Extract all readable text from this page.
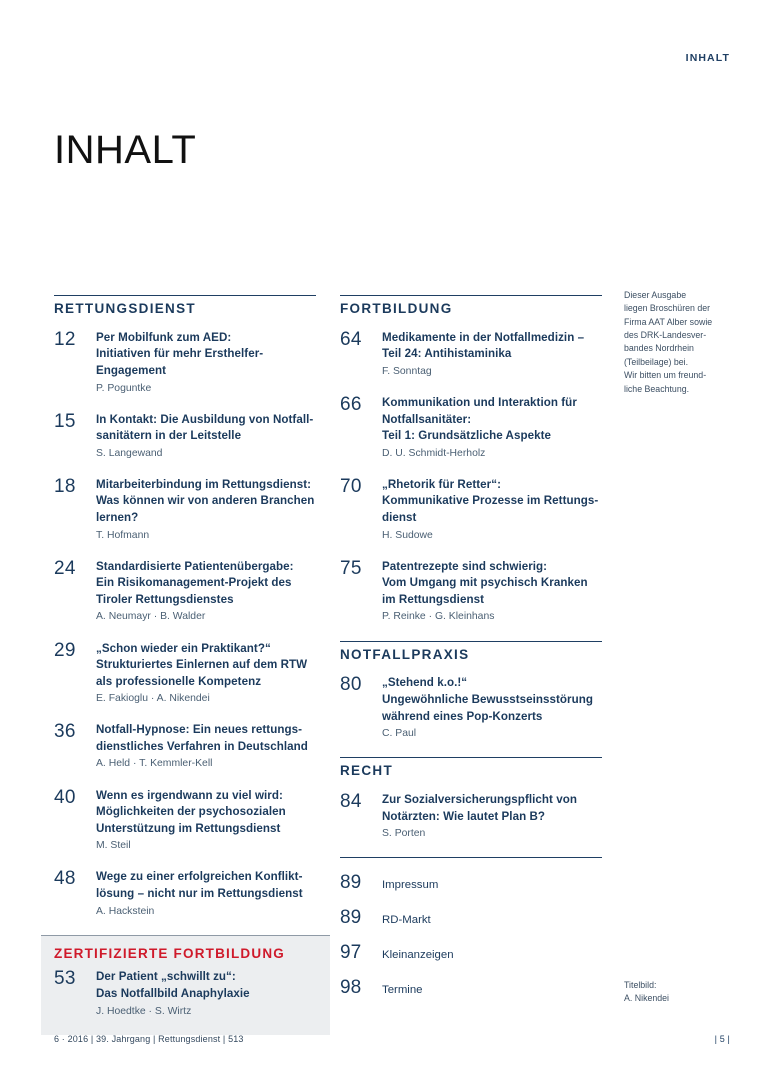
INHALT
INHALT
RETTUNGSDIENST
12	Per Mobilfunk zum AED:
Initiativen für mehr Ersthelfer-
Engagement
P. Poguntke
15	In Kontakt: Die Ausbildung von Notfall-
sanitätern in der Leitstelle
S. Langewand
18	Mitarbeiterbindung im Rettungsdienst:
Was können wir von anderen Branchen
lernen?
T. Hofmann
24	Standardisierte Patientenübergabe:
Ein Risikomanagement-Projekt des
Tiroler Rettungsdienstes
A. Neumayr · B. Walder
29	„Schon wieder ein Praktikant?“
Strukturiertes Einlernen auf dem RTW
als professionelle Kompetenz
E. Fakioglu · A. Nikendei
36	Notfall-Hypnose: Ein neues rettungs-
dienstliches Verfahren in Deutschland
A. Held · T. Kemmler-Kell
40	Wenn es irgendwann zu viel wird:
Möglichkeiten der psychosozialen
Unterstützung im Rettungsdienst
M. Steil
48	Wege zu einer erfolgreichen Konflikt-
lösung – nicht nur im Rettungsdienst
A. Hackstein
ZERTIFIZIERTE FORTBILDUNG
53	Der Patient „schwillt zu“:
Das Notfallbild Anaphylaxie
J. Hoedtke · S. Wirtz
FORTBILDUNG
64	Medikamente in der Notfallmedizin –
Teil 24: Antihistaminika
F. Sonntag
66	Kommunikation und Interaktion für
Notfallsanitäter:
Teil 1: Grundsätzliche Aspekte
D. U. Schmidt-Herholz
70	„Rhetorik für Retter“:
Kommunikative Prozesse im Rettungs-
dienst
H. Sudowe
75	Patentrezepte sind schwierig:
Vom Umgang mit psychisch Kranken
im Rettungsdienst
P. Reinke · G. Kleinhans
NOTFALLPRAXIS
80	„Stehend k.o.!“
Ungewöhnliche Bewusstseinsstörung
während eines Pop-Konzerts
C. Paul
RECHT
84	Zur Sozialversicherungspflicht von
Notärzten: Wie lautet Plan B?
S. Porten
89	Impressum
89	RD-Markt
97	Kleinanzeigen
98	Termine
Dieser Ausgabe
liegen Broschüren der
Firma AAT Alber sowie
des DRK-Landesver-
bandes Nordrhein
(Teilbeilage) bei.
Wir bitten um freund-
liche Beachtung.
Titelbild:
A. Nikendei
6 · 2016 | 39. Jahrgang | Rettungsdienst | 513	| 5 |
